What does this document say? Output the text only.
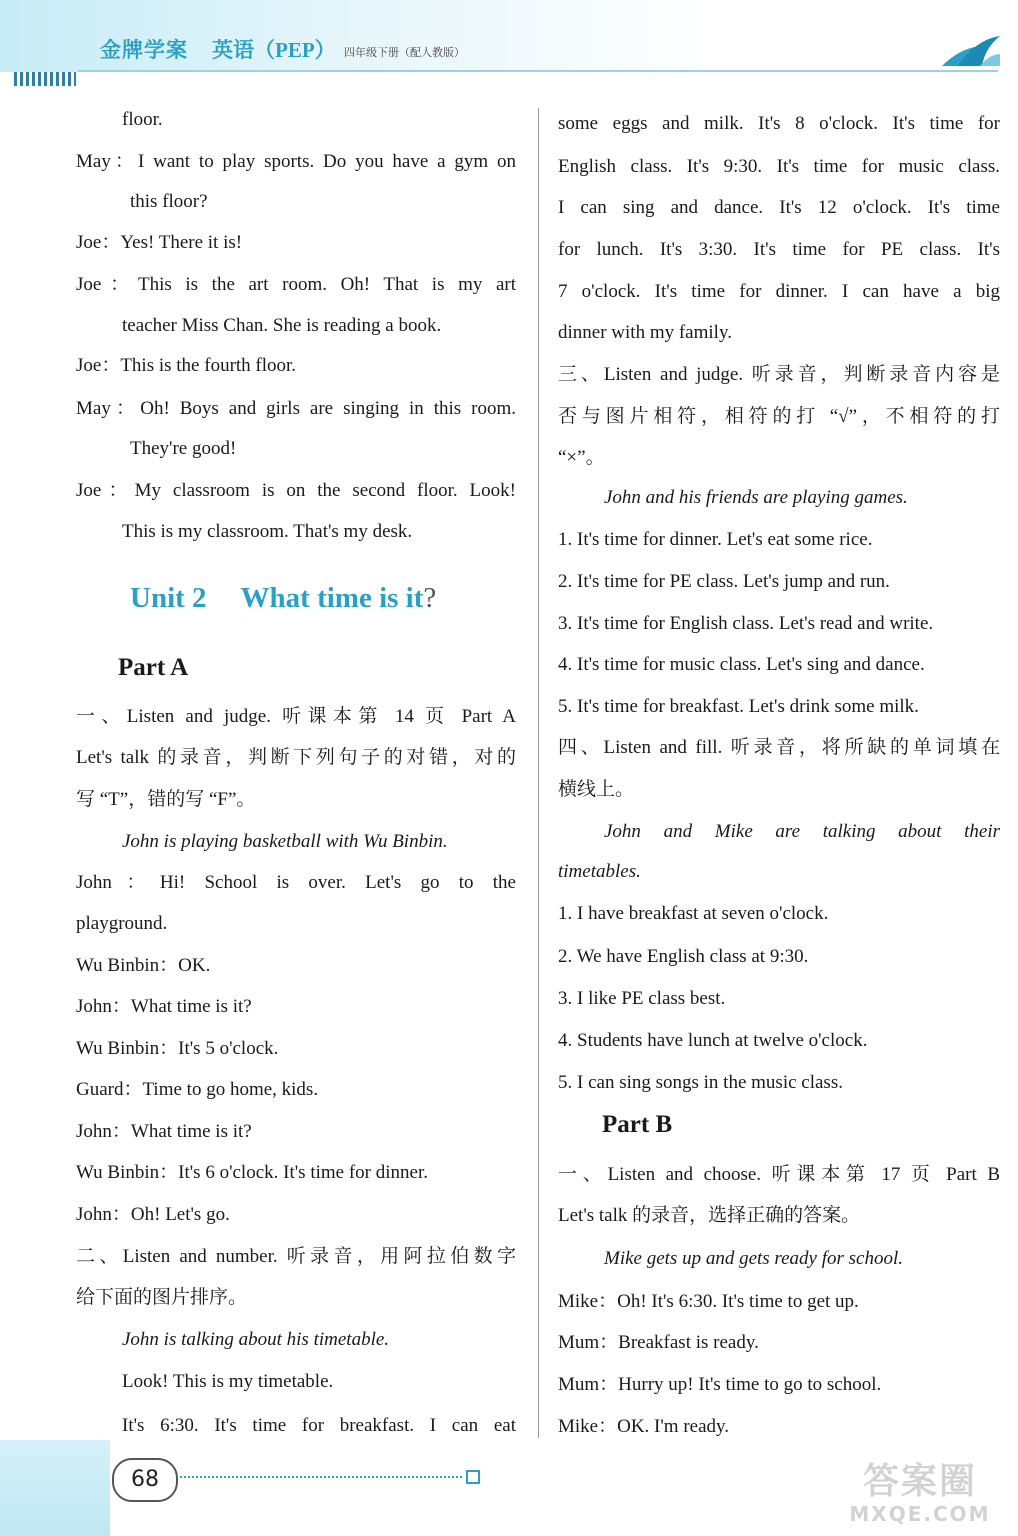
金牌学案 英语（PEP） 四年级下册（配人教版）
floor.
May：I want to play sports. Do you have a gym on
this floor?
Joe：Yes! There it is!
Joe：This is the art room. Oh! That is my art
teacher Miss Chan. She is reading a book.
Joe：This is the fourth floor.
May：Oh! Boys and girls are singing in this room.
They're good!
Joe：My classroom is on the second floor. Look!
This is my classroom. That's my desk.
Part A
一、Listen and judge. 听课本第 14 页 Part A
Let's talk 的录音，判断下列句子的对错，对的
写 “T”，错的写 “F”。
John is playing basketball with Wu Binbin.
John：Hi! School is over. Let's go to the
playground.
Wu Binbin：OK.
John：What time is it?
Wu Binbin：It's 5 o'clock.
Guard：Time to go home, kids.
John：What time is it?
Wu Binbin：It's 6 o'clock. It's time for dinner.
John：Oh! Let's go.
二、Listen and number. 听录音，用阿拉伯数字
给下面的图片排序。
John is talking about his timetable.
Look! This is my timetable.
It's 6:30. It's time for breakfast. I can eat
Unit 2 What time is it?
some eggs and milk. It's 8 o'clock. It's time for
English class. It's 9:30. It's time for music class.
I can sing and dance. It's 12 o'clock. It's time
for lunch. It's 3:30. It's time for PE class. It's
7 o'clock. It's time for dinner. I can have a big
dinner with my family.
三、Listen and judge. 听录音，判断录音内容是
否与图片相符，相符的打 “√”，不相符的打
“×”。
John and his friends are playing games.
1. It's time for dinner. Let's eat some rice.
2. It's time for PE class. Let's jump and run.
3. It's time for English class. Let's read and write.
4. It's time for music class. Let's sing and dance.
5. It's time for breakfast. Let's drink some milk.
四、Listen and fill. 听录音，将所缺的单词填在
横线上。
John and Mike are talking about their
timetables.
1. I have breakfast at seven o'clock.
2. We have English class at 9:30.
3. I like PE class best.
4. Students have lunch at twelve o'clock.
5. I can sing songs in the music class.
Part B
一、Listen and choose. 听课本第 17 页 Part B
Let's talk 的录音，选择正确的答案。
Mike gets up and gets ready for school.
Mike：Oh! It's 6:30. It's time to get up.
Mum：Breakfast is ready.
Mum：Hurry up! It's time to go to school.
Mike：OK. I'm ready.
68	答案圈
MXQE.COM
